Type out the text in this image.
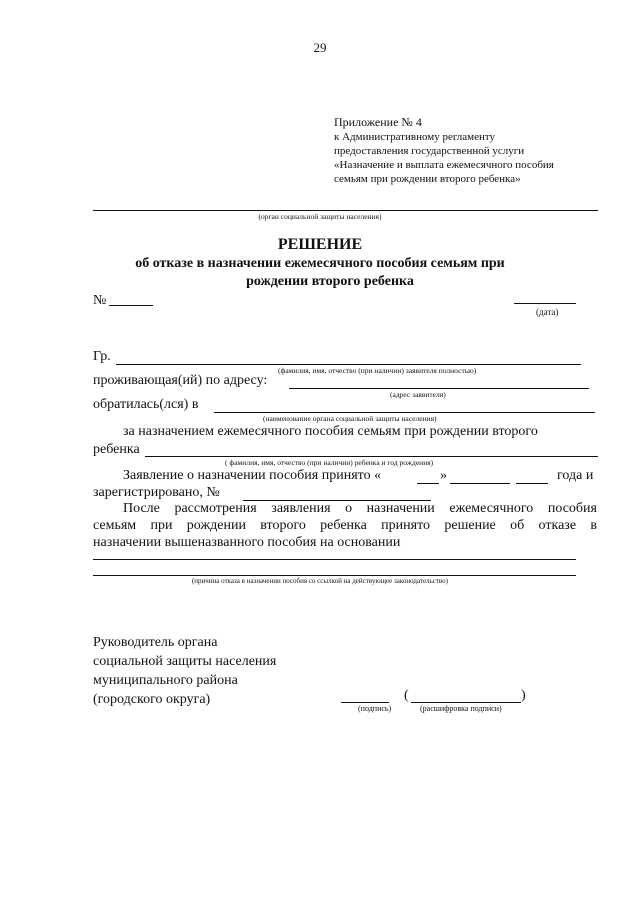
29
Приложение № 4
к Административному регламенту
предоставления государственной услуги
«Назначение и выплата ежемесячного пособия
семьям при рождении второго ребенка»
(орган социальной защиты населения)
РЕШЕНИЕ
об отказе в назначении ежемесячного пособия семьям при
рождении второго ребенка
№
(дата)
Гр.
(фамилия, имя, отчество (при наличии) заявителя полностью)
проживающая(ий) по адресу:
(адрес заявителя)
обратилась(лся) в
(наименование органа социальной защиты населения)
за назначением ежемесячного пособия семьям при рождении второго
ребенка
( фамилия, имя, отчество (при наличии) ребенка и год рождения)
Заявление о назначении пособия принято «	»	года и
зарегистрировано, №
После рассмотрения заявления о назначении ежемесячного пособия
семьям при рождении второго ребенка принято решение об отказе в
назначении вышеназванного пособия на основании
(причина отказа в назначении пособия со ссылкой на действующее законодательство)
Руководитель органа
социальной защиты населения
муниципального района
(городского округа)	(	)
(подпись)	(расшифровка подписи)
